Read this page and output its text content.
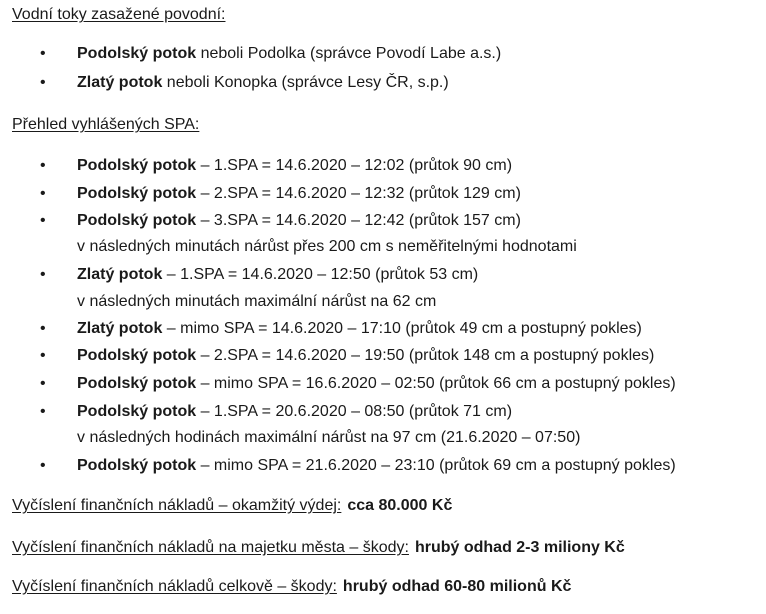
Vodní toky zasažené povodní:
•	Podolský potok neboli Podolka (správce Povodí Labe a.s.)
•	Zlatý potok neboli Konopka (správce Lesy ČR, s.p.)
Přehled vyhlášených SPA:
•	Podolský potok – 1.SPA = 14.6.2020 – 12:02 (průtok 90 cm)
•	Podolský potok – 2.SPA = 14.6.2020 – 12:32 (průtok 129 cm)
•	Podolský potok – 3.SPA = 14.6.2020 – 12:42 (průtok 157 cm)
v následných minutách nárůst přes 200 cm s neměřitelnými hodnotami
•	Zlatý potok – 1.SPA = 14.6.2020 – 12:50 (průtok 53 cm)
v následných minutách maximální nárůst na 62 cm
•	Zlatý potok – mimo SPA = 14.6.2020 – 17:10 (průtok 49 cm a postupný pokles)
•	Podolský potok – 2.SPA = 14.6.2020 – 19:50 (průtok 148 cm a postupný pokles)
•	Podolský potok – mimo SPA = 16.6.2020 – 02:50 (průtok 66 cm a postupný pokles)
•	Podolský potok – 1.SPA = 20.6.2020 – 08:50 (průtok 71 cm)
v následných hodinách maximální nárůst na 97 cm (21.6.2020 – 07:50)
•	Podolský potok – mimo SPA = 21.6.2020 – 23:10 (průtok 69 cm a postupný pokles)
Vyčíslení finančních nákladů – okamžitý výdej: cca 80.000 Kč
Vyčíslení finančních nákladů na majetku města – škody: hrubý odhad 2-3 miliony Kč
Vyčíslení finančních nákladů celkově – škody: hrubý odhad 60-80 milionů Kč
